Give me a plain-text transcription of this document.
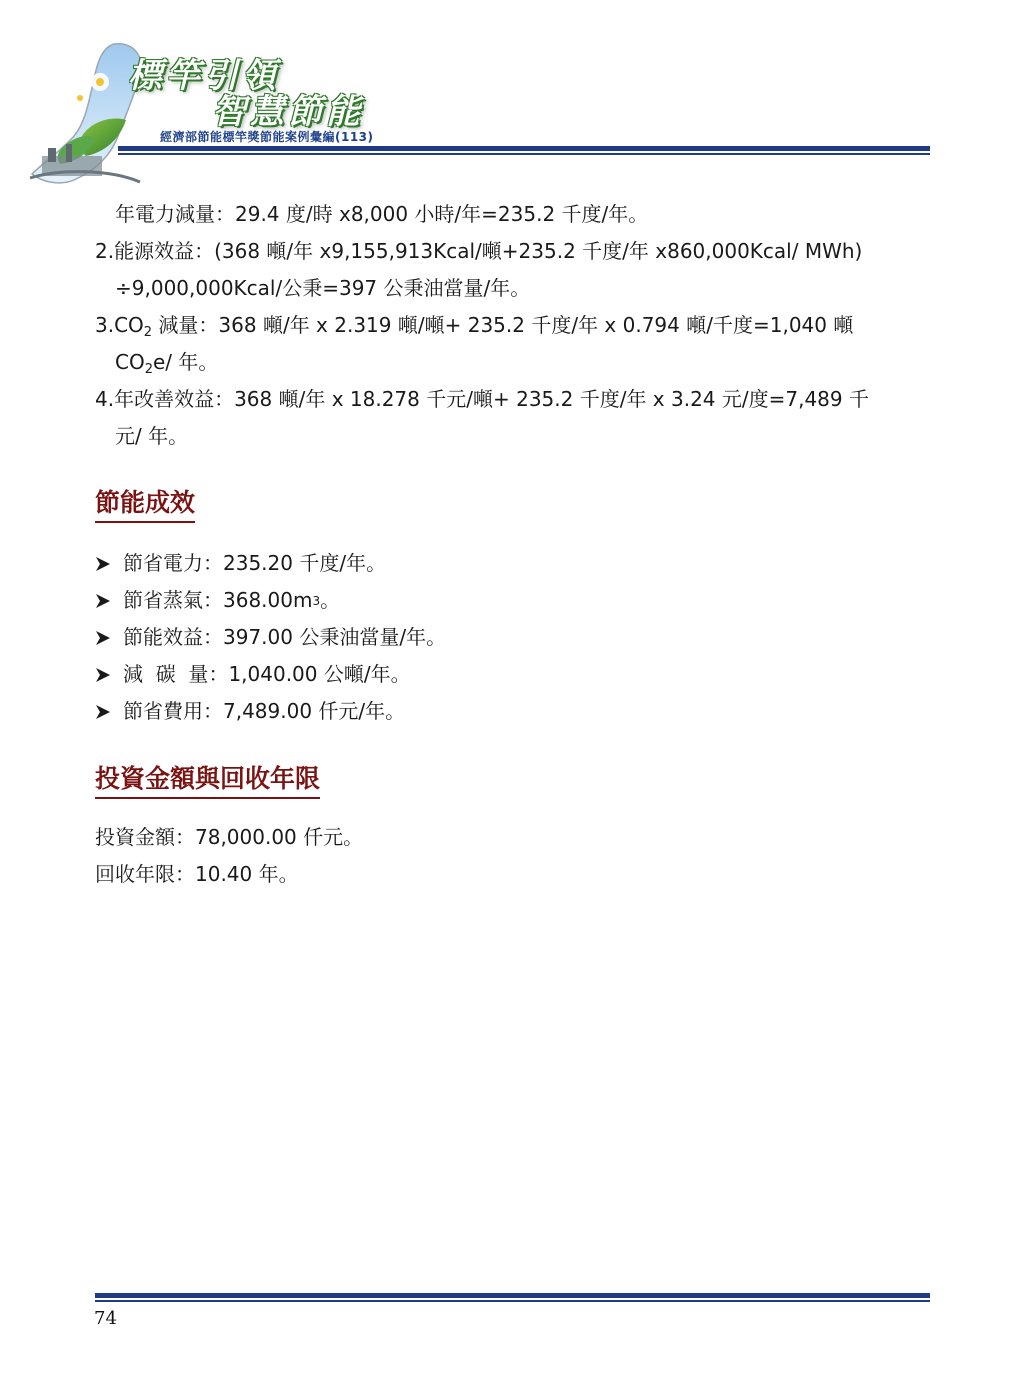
標竿引領
智慧節能
經濟部節能標竿獎節能案例彙編(113)
年電力減量：29.4 度/時 x8,000 小時/年=235.2 千度/年。
2.能源效益：(368 噸/年 x9,155,913Kcal/噸+235.2 千度/年 x860,000Kcal/ MWh)
÷9,000,000Kcal/公秉=397 公秉油當量/年。
$3.CO_2$ 減量：368 噸/年 x 2.319 噸/噸+ 235.2 千度/年 x 0.794 噸/千度=1,040 噸
$CO_2e/$ 年。
4.年改善效益：368 噸/年 x 18.278 千元/噸+ 235.2 千度/年 x 3.24 元/度=7,489 千
元/ 年。
節能成效
節省電力 ： 235.20 千度/年。
節省蒸氣 ： 368.00m 3 。
節能效益 ： 397.00 公秉油當量/年。
減  碳  量 ： 1,040.00 公噸/年。
節省費用 ： 7,489.00 仟元/年。
投資金額與回收年限
投資金額：78,000.00 仟元。
回收年限：10.40 年。
74
